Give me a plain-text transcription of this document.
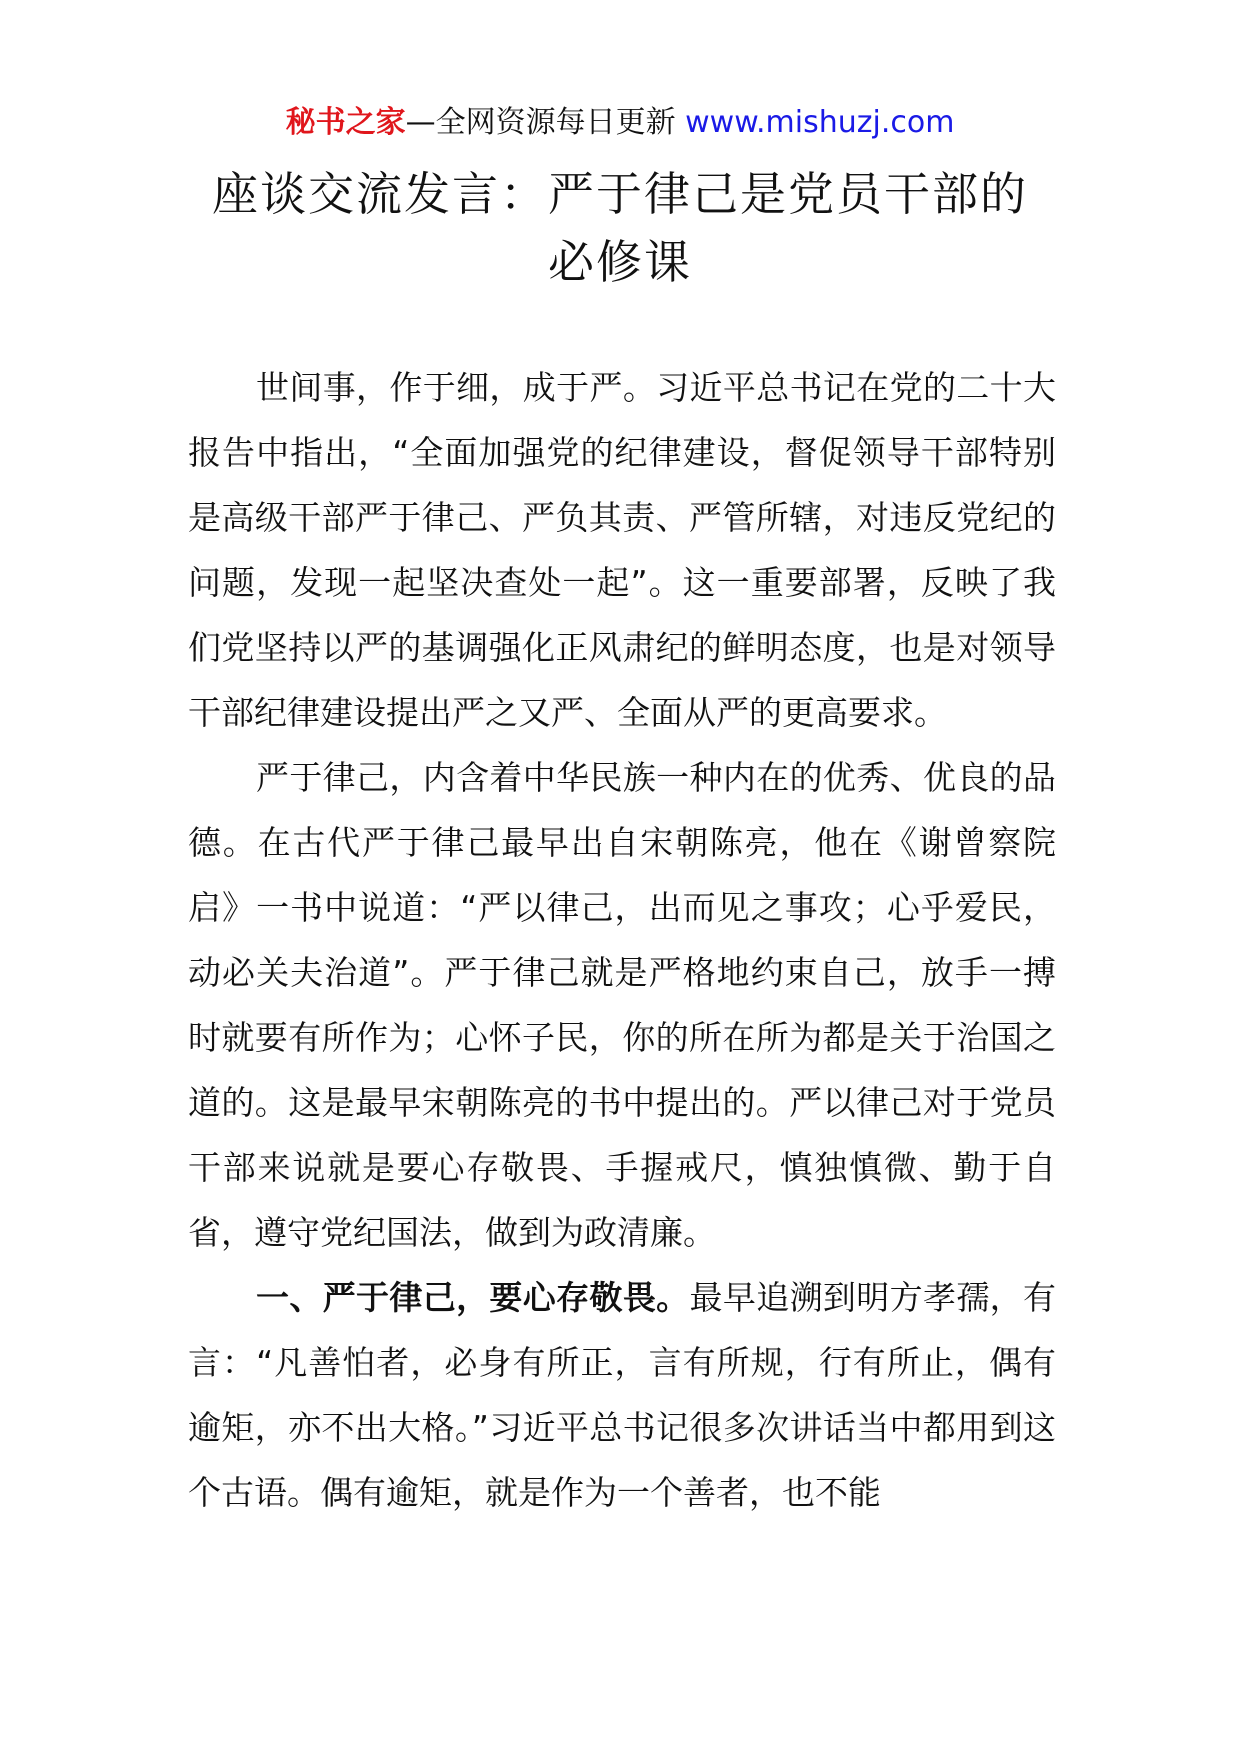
秘书之家—全网资源每日更新 www.mishuzj.com
座谈交流发言：严于律己是党员干部的
必修课

世间事，作于细，成于严。习近平总书记在党的二十大报告中指出，“全面加强党的纪律建设，督促领导干部特别是高级干部严于律己、严负其责、严管所辖，对违反党纪的问题，发现一起坚决查处一起”。这一重要部署，反映了我们党坚持以严的基调强化正风肃纪的鲜明态度，也是对领导干部纪律建设提出严之又严、全面从严的更高要求。

严于律己，内含着中华民族一种内在的优秀、优良的品德。在古代严于律己最早出自宋朝陈亮，他在《谢曾察院启》一书中说道：“严以律己，出而见之事攻；心乎爱民，动必关夫治道”。严于律己就是严格地约束自己，放手一搏时就要有所作为；心怀子民，你的所在所为都是关于治国之道的。这是最早宋朝陈亮的书中提出的。严以律己对于党员干部来说就是要心存敬畏、手握戒尺，慎独慎微、勤于自省，遵守党纪国法，做到为政清廉。

一、严于律己，要心存敬畏。最早追溯到明方孝孺，有言：“凡善怕者，必身有所正，言有所规，行有所止，偶有逾矩，亦不出大格。”习近平总书记很多次讲话当中都用到这个古语。偶有逾矩，就是作为一个善者，也不能
